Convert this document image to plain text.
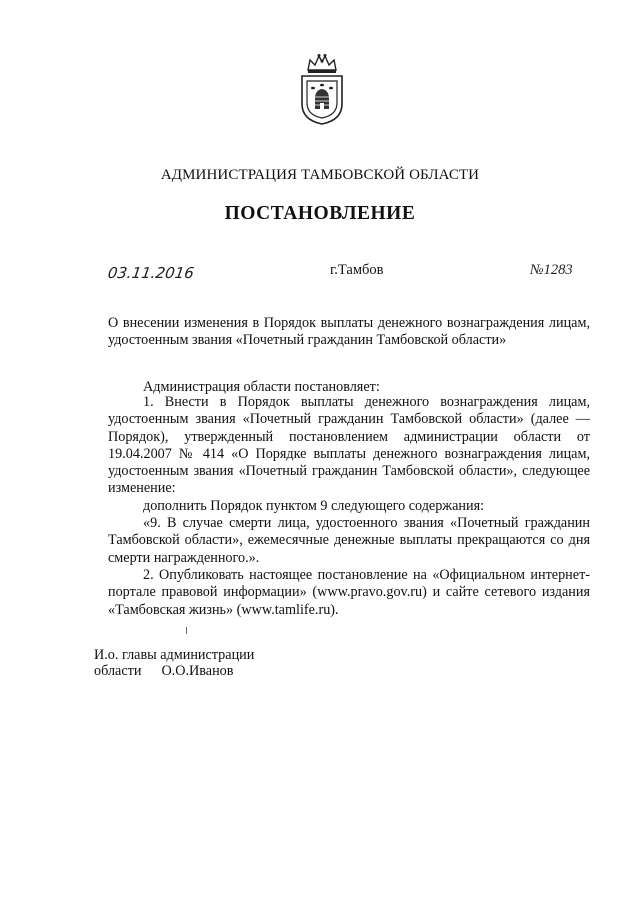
АДМИНИСТРАЦИЯ ТАМБОВСКОЙ ОБЛАСТИ
ПОСТАНОВЛЕНИЕ
03.11.2016	г.Тамбов	№1283
О внесении изменения в Порядок выплаты денежного вознаграждения лицам, удостоенным звания «Почетный гражданин Тамбовской области»
Администрация области постановляет:
1. Внести в Порядок выплаты денежного вознаграждения лицам, удостоенным звания «Почетный гражданин Тамбовской области» (далее — Порядок), утвержденный постановлением администрации области от 19.04.2007 № 414 «О Порядке выплаты денежного вознаграждения лицам, удостоенным звания «Почетный гражданин Тамбовской области», следующее изменение:
дополнить Порядок пунктом 9 следующего содержания:
«9. В случае смерти лица, удостоенного звания «Почетный гражданин Тамбовской области», ежемесячные денежные выплаты прекращаются со дня смерти награжденного.».
2. Опубликовать настоящее постановление на «Официальном интернет-портале правовой информации» (www.pravo.gov.ru) и сайте сетевого издания «Тамбовская жизнь» (www.tamlife.ru).
И.о. главы администрации
области О.О.Иванов
